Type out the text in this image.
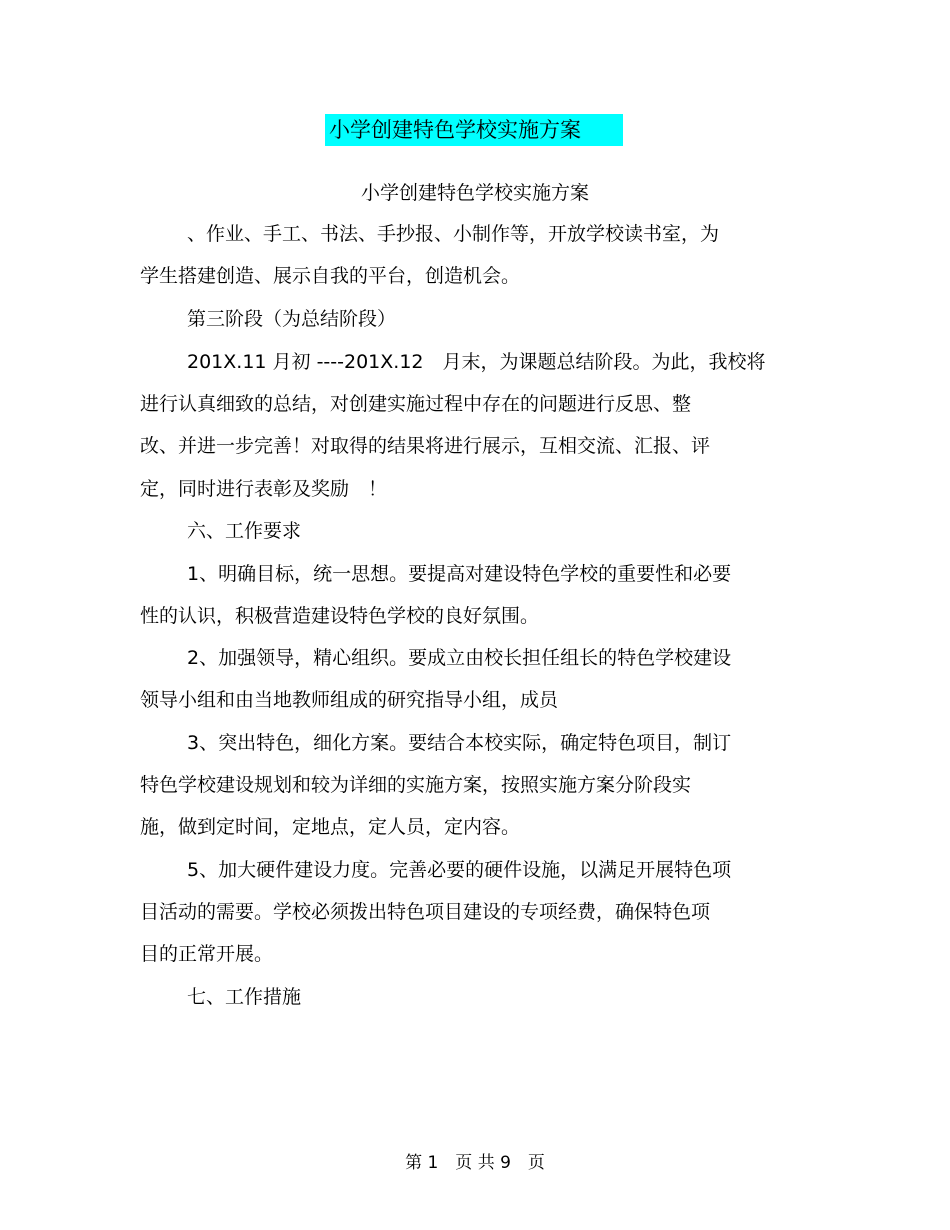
小学创建特色学校实施方案
小学创建特色学校实施方案
、作业、手工、书法、手抄报、小制作等，开放学校读书室，为
学生搭建创造、展示自我的平台，创造机会。
第三阶段（为总结阶段）
201X.11 月初 ----201X.12　月末，为课题总结阶段。为此，我校将
进行认真细致的总结，对创建实施过程中存在的问题进行反思、整
改、并进一步完善！对取得的结果将进行展示，互相交流、汇报、评
定，同时进行表彰及奖励　！
六、工作要求
1、明确目标，统一思想。要提高对建设特色学校的重要性和必要
性的认识，积极营造建设特色学校的良好氛围。
2、加强领导，精心组织。要成立由校长担任组长的特色学校建设
领导小组和由当地教师组成的研究指导小组，成员
3、突出特色，细化方案。要结合本校实际，确定特色项目，制订
特色学校建设规划和较为详细的实施方案，按照实施方案分阶段实
施，做到定时间，定地点，定人员，定内容。
5、加大硬件建设力度。完善必要的硬件设施，以满足开展特色项
目活动的需要。学校必须拨出特色项目建设的专项经费，确保特色项
目的正常开展。
七、工作措施
第 1　页 共 9　页
